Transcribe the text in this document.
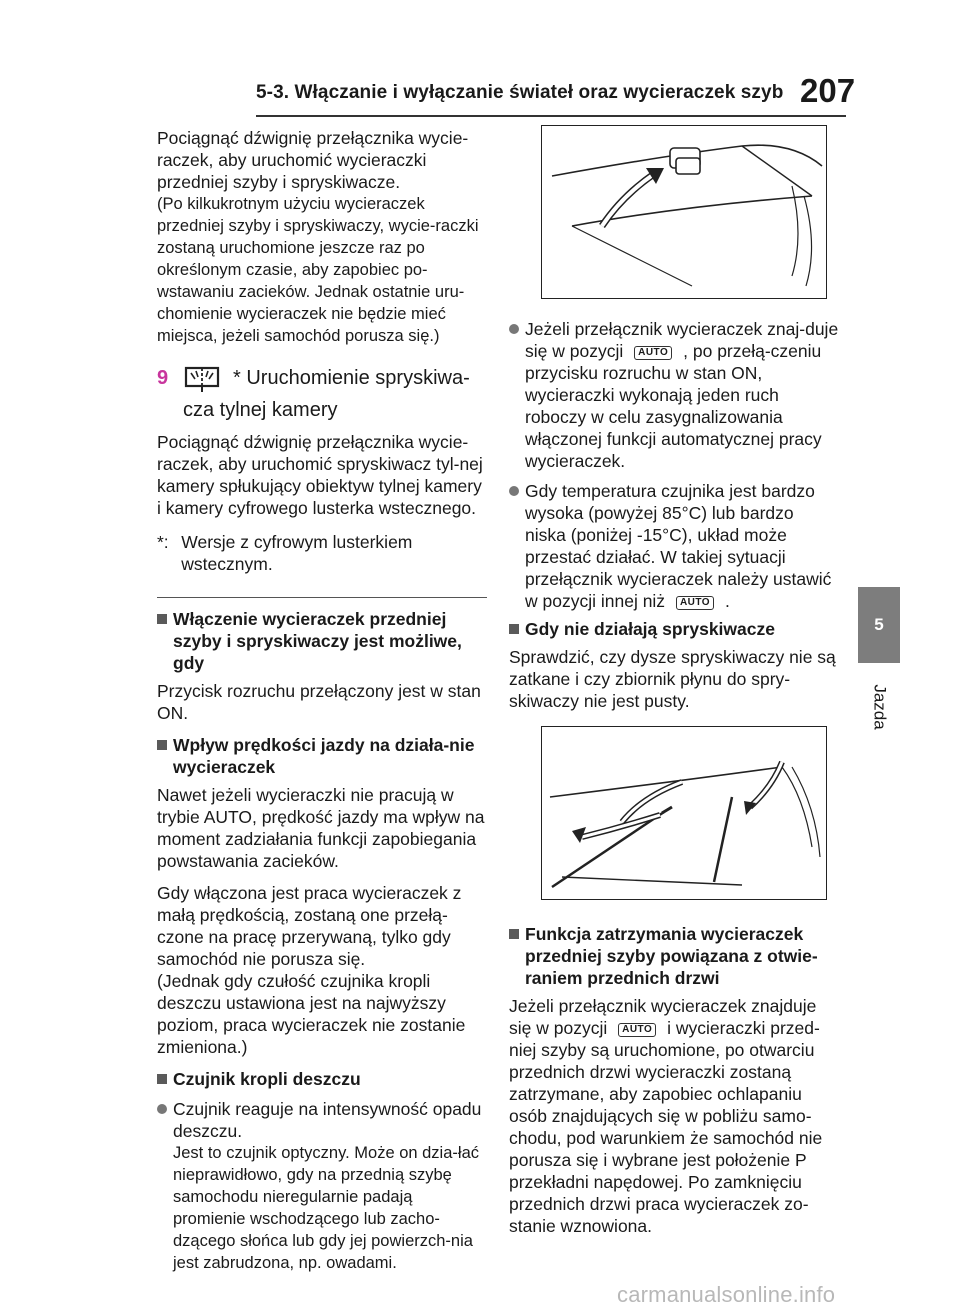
5-3. Włączanie i wyłączanie świateł oraz wycieraczek szyb 207
5
Jazda

Pociągnąć dźwignię przełącznika wycie-raczek, aby uruchomić wycieraczki przedniej szyby i spryskiwacze.

(Po kilkukrotnym użyciu wycieraczek przedniej szyby i spryskiwaczy, wycie-raczki zostaną uruchomione jeszcze raz po określonym czasie, aby zapobiec po-wstawaniu zacieków. Jednak ostatnie uru-chomienie wycieraczek nie będzie mieć miejsca, jeżeli samochód porusza się.)

9	* Uruchomienie spryskiwa-
cza tylnej kamery

Pociągnąć dźwignię przełącznika wycie-raczek, aby uruchomić spryskiwacz tyl-nej kamery spłukujący obiektyw tylnej kamery i kamery cyfrowego lusterka wstecznego.

*: Wersje z cyfrowym lusterkiem wstecznym.
Włączenie wycieraczek przedniej szyby i spryskiwaczy jest możliwe, gdy

Przycisk rozruchu przełączony jest w stan ON.

Wpływ prędkości jazdy na działa-nie wycieraczek

Nawet jeżeli wycieraczki nie pracują w trybie AUTO, prędkość jazdy ma wpływ na moment zadziałania funkcji zapobiegania powstawania zacieków.

Gdy włączona jest praca wycieraczek z małą prędkością, zostaną one przełą-czone na pracę przerywaną, tylko gdy samochód nie porusza się.

(Jednak gdy czułość czujnika kropli deszczu ustawiona jest na najwyższy poziom, praca wycieraczek nie zostanie zmieniona.)

Czujnik kropli deszczu

Czujnik reaguje na intensywność opadu deszczu.

Jest to czujnik optyczny. Może on dzia-łać nieprawidłowo, gdy na przednią szybę samochodu nieregularnie padają promienie wschodzącego lub zacho-dzącego słońca lub gdy jej powierzch-nia jest zabrudzona, np. owadami.

Jeżeli przełącznik wycieraczek znaj-duje się w pozycji AUTO , po przełą-czeniu przycisku rozruchu w stan ON, wycieraczki wykonają jeden ruch roboczy w celu zasygnalizowania włączonej funkcji automatycznej pracy wycieraczek.
Gdy temperatura czujnika jest bardzo wysoka (powyżej 85°C) lub bardzo niska (poniżej -15°C), układ może przestać działać. W takiej sytuacji przełącznik wycieraczek należy ustawić w pozycji innej niż AUTO .
Gdy nie działają spryskiwacze

Sprawdzić, czy dysze spryskiwaczy nie są zatkane i czy zbiornik płynu do spry-skiwaczy nie jest pusty.

Funkcja zatrzymania wycieraczek przedniej szyby powiązana z otwie-raniem przednich drzwi

Jeżeli przełącznik wycieraczek znajduje się w pozycji AUTO i wycieraczki przed-niej szyby są uruchomione, po otwarciu przednich drzwi wycieraczki zostaną zatrzymane, aby zapobiec ochlapaniu osób znajdujących się w pobliżu samo-chodu, pod warunkiem że samochód nie porusza się i wybrane jest położenie P przekładni napędowej. Po zamknięciu przednich drzwi praca wycieraczek zo-stanie wznowiona.

carmanualsonline.info
